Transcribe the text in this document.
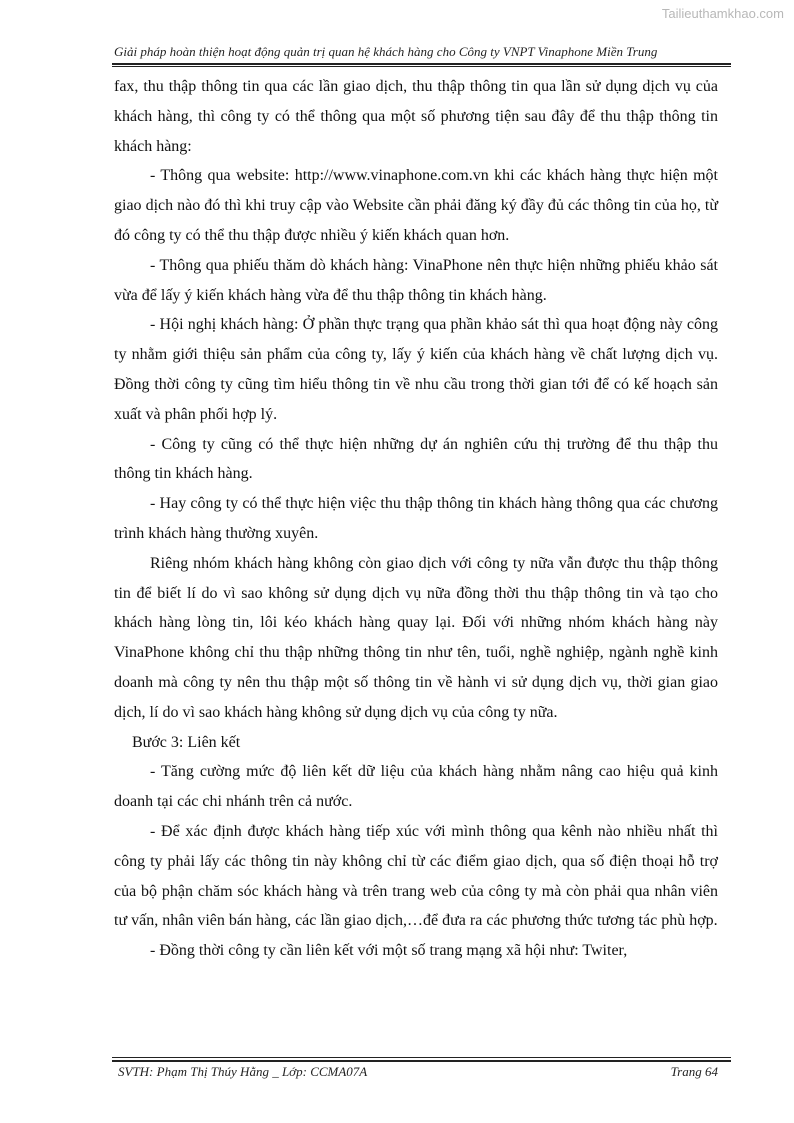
Tailieuthamkhao.com
Giải pháp hoàn thiện hoạt động quản trị quan hệ khách hàng cho Công ty VNPT Vinaphone Miền Trung

fax, thu thập thông tin qua các lần giao dịch, thu thập thông tin qua lần sử dụng dịch vụ của khách hàng, thì công ty có thể thông qua một số phương tiện sau đây để thu thập thông tin khách hàng:

- Thông qua website: http://www.vinaphone.com.vn khi các khách hàng thực hiện một giao dịch nào đó thì khi truy cập vào Website cần phải đăng ký đầy đủ các thông tin của họ, từ đó công ty có thể thu thập được nhiều ý kiến khách quan hơn.

- Thông qua phiếu thăm dò khách hàng: VinaPhone nên thực hiện những phiếu khảo sát vừa để lấy ý kiến khách hàng vừa để thu thập thông tin khách hàng.

- Hội nghị khách hàng: Ở phần thực trạng qua phần khảo sát thì qua hoạt động này công ty nhằm giới thiệu sản phẩm của công ty, lấy ý kiến của khách hàng về chất lượng dịch vụ. Đồng thời công ty cũng tìm hiểu thông tin về nhu cầu trong thời gian tới để có kế hoạch sản xuất và phân phối hợp lý.

- Công ty cũng có thể thực hiện những dự án nghiên cứu thị trường để thu thập thu thông tin khách hàng.

- Hay công ty có thể thực hiện việc thu thập thông tin khách hàng thông qua các chương trình khách hàng thường xuyên.

Riêng nhóm khách hàng không còn giao dịch với công ty nữa vẫn được thu thập thông tin để biết lí do vì sao không sử dụng dịch vụ nữa đồng thời thu thập thông tin và tạo cho khách hàng lòng tin, lôi kéo khách hàng quay lại. Đối với những nhóm khách hàng này VinaPhone không chỉ thu thập những thông tin như tên, tuổi, nghề nghiệp, ngành nghề kinh doanh mà công ty nên thu thập một số thông tin về hành vi sử dụng dịch vụ, thời gian giao dịch, lí do vì sao khách hàng không sử dụng dịch vụ của công ty nữa.

Bước 3: Liên kết

- Tăng cường mức độ liên kết dữ liệu của khách hàng nhằm nâng cao hiệu quả kinh doanh tại các chi nhánh trên cả nước.

- Để xác định được khách hàng tiếp xúc với mình thông qua kênh nào nhiều nhất thì công ty phải lấy các thông tin này không chỉ từ các điểm giao dịch, qua số điện thoại hỗ trợ của bộ phận chăm sóc khách hàng và trên trang web của công ty mà còn phải qua nhân viên tư vấn, nhân viên bán hàng, các lần giao dịch,…để đưa ra các phương thức tương tác phù hợp.

- Đồng thời công ty cần liên kết với một số trang mạng xã hội như: Twiter,

SVTH: Phạm Thị Thúy Hằng _ Lớp: CCMA07A	Trang 64
